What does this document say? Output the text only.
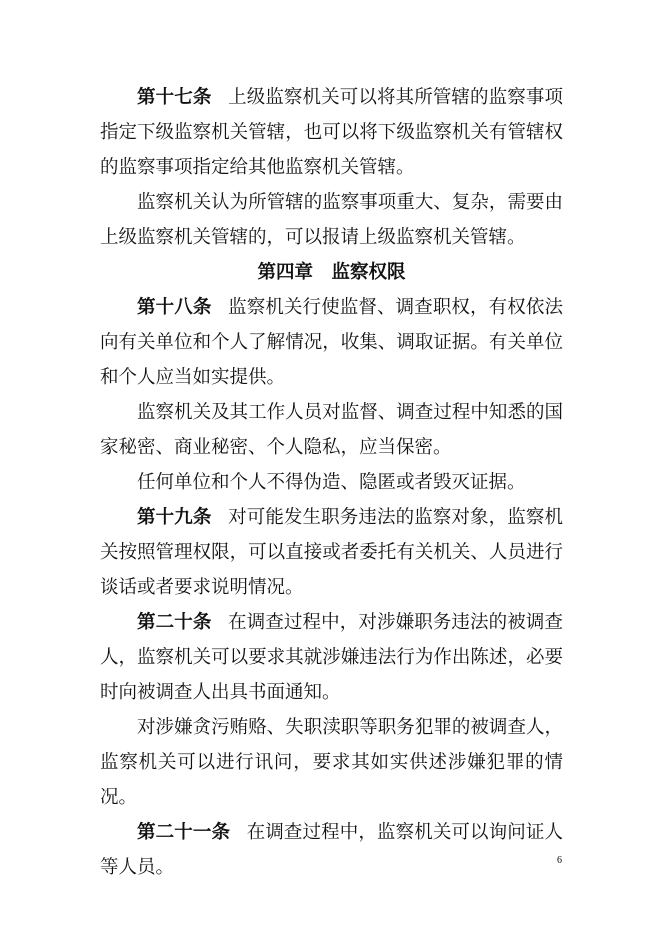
第十七条 上级监察机关可以将其所管辖的监察事项指定下级监察机关管辖，也可以将下级监察机关有管辖权的监察事项指定给其他监察机关管辖。

监察机关认为所管辖的监察事项重大、复杂，需要由上级监察机关管辖的，可以报请上级监察机关管辖。

第四章　监察权限

第十八条 监察机关行使监督、调查职权，有权依法向有关单位和个人了解情况，收集、调取证据。有关单位和个人应当如实提供。

监察机关及其工作人员对监督、调查过程中知悉的国家秘密、商业秘密、个人隐私，应当保密。

任何单位和个人不得伪造、隐匿或者毁灭证据。

第十九条 对可能发生职务违法的监察对象，监察机关按照管理权限，可以直接或者委托有关机关、人员进行谈话或者要求说明情况。

第二十条 在调查过程中，对涉嫌职务违法的被调查人，监察机关可以要求其就涉嫌违法行为作出陈述，必要时向被调查人出具书面通知。

对涉嫌贪污贿赂、失职渎职等职务犯罪的被调查人，监察机关可以进行讯问，要求其如实供述涉嫌犯罪的情况。

第二十一条 在调查过程中，监察机关可以询问证人等人员。	6
